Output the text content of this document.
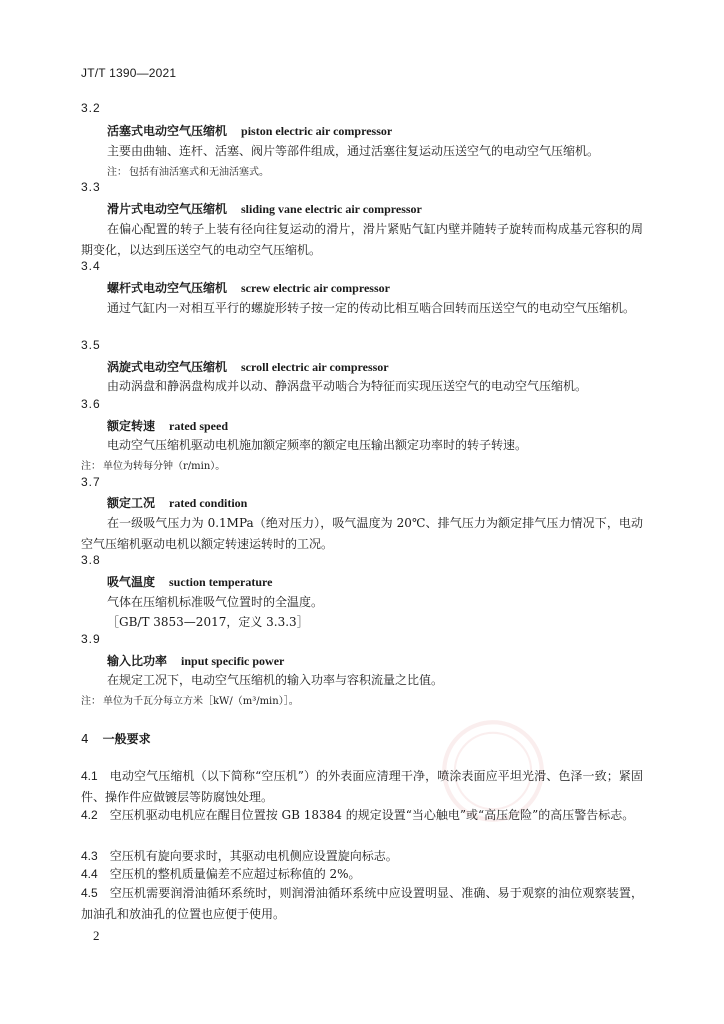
JT/T 1390—2021
3.2
活塞式电动空气压缩机 piston electric air compressor
主要由曲轴、连杆、活塞、阀片等部件组成，通过活塞往复运动压送空气的电动空气压缩机。
注： 包括有油活塞式和无油活塞式。
3.3
滑片式电动空气压缩机 sliding vane electric air compressor
在偏心配置的转子上装有径向往复运动的滑片，滑片紧贴气缸内壁并随转子旋转而构成基元容积的周期变化，以达到压送空气的电动空气压缩机。
3.4
螺杆式电动空气压缩机 screw electric air compressor
通过气缸内一对相互平行的螺旋形转子按一定的传动比相互啮合回转而压送空气的电动空气压缩机。
3.5
涡旋式电动空气压缩机 scroll electric air compressor
由动涡盘和静涡盘构成并以动、静涡盘平动啮合为特征而实现压送空气的电动空气压缩机。
3.6
额定转速 rated speed
电动空气压缩机驱动电机施加额定频率的额定电压输出额定功率时的转子转速。
注： 单位为转每分钟（r/min）。
3.7
额定工况 rated condition
在一级吸气压力为 0.1MPa（绝对压力），吸气温度为 20℃、排气压力为额定排气压力情况下，电动空气压缩机驱动电机以额定转速运转时的工况。
3.8
吸气温度 suction temperature
气体在压缩机标准吸气位置时的全温度。
［GB/T 3853—2017，定义 3.3.3］
3.9
输入比功率 input specific power
在规定工况下，电动空气压缩机的输入功率与容积流量之比值。
注： 单位为千瓦分每立方米［kW/（m³/min）］。
4 一般要求
4.1 电动空气压缩机（以下简称“空压机”）的外表面应清理干净，喷涂表面应平坦光滑、色泽一致；紧固件、操作件应做镀层等防腐蚀处理。
4.2 空压机驱动电机应在醒目位置按 GB 18384 的规定设置“当心触电”或“高压危险”的高压警告标志。
4.3 空压机有旋向要求时，其驱动电机侧应设置旋向标志。
4.4 空压机的整机质量偏差不应超过标称值的 2%。
4.5 空压机需要润滑油循环系统时，则润滑油循环系统中应设置明显、准确、易于观察的油位观察装置，加油孔和放油孔的位置也应便于使用。
2
